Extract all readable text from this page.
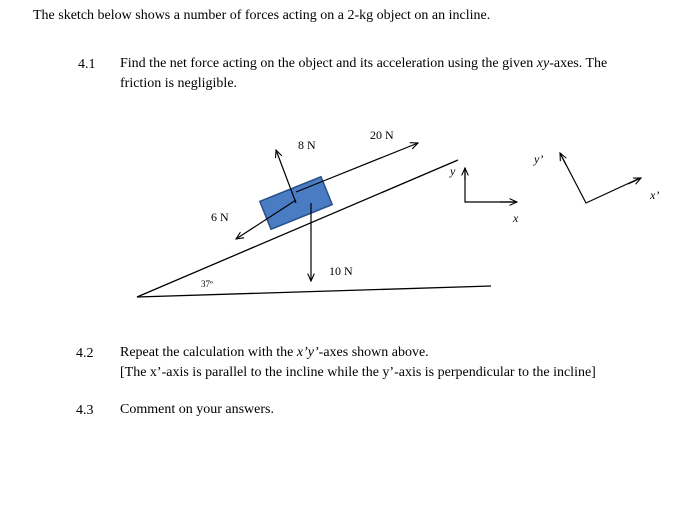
The sketch below shows a number of forces acting on a 2-kg object on an incline.
4.1 Find the net force acting on the object and its acceleration using the given xy-axes. The
friction is negligible.
8 N
20 N
6 N
10 N
37º
y
x
y’
x’
4.2 Repeat the calculation with the x’y’-axes shown above.
[The x’-axis is parallel to the incline while the y’-axis is perpendicular to the incline]
4.3 Comment on your answers.
